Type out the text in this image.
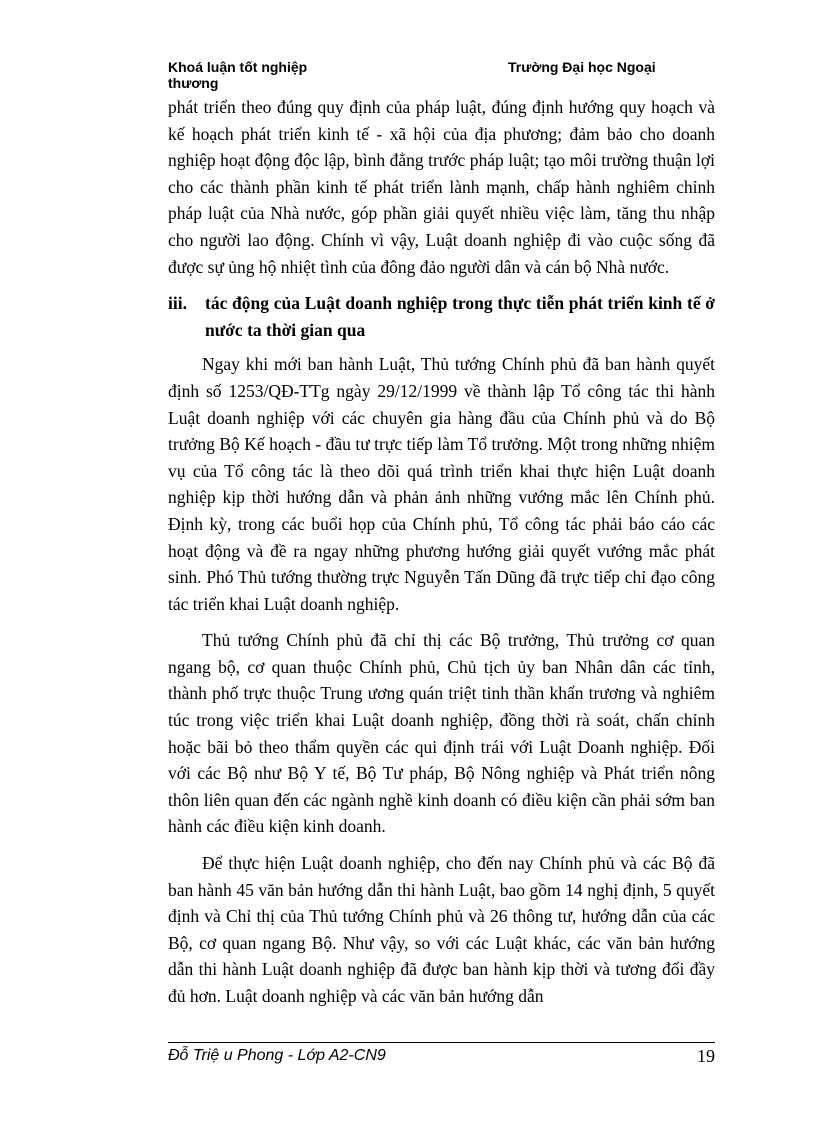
Khoá luận tốt nghiệp
thương
Trường Đại học Ngoại

phát triển theo đúng quy định của pháp luật, đúng định hướng quy hoạch và kế hoạch phát triển kinh tế - xã hội của địa phương; đảm bảo cho doanh nghiệp hoạt động độc lập, bình đẳng trước pháp luật; tạo môi trường thuận lợi cho các thành phần kinh tế phát triển lành mạnh, chấp hành nghiêm chỉnh pháp luật của Nhà nước, góp phần giải quyết nhiều việc làm, tăng thu nhập cho người lao động. Chính vì vậy, Luật doanh nghiệp đi vào cuộc sống đã được sự ủng hộ nhiệt tình của đông đảo người dân và cán bộ Nhà nước.

iii. tác động của Luật doanh nghiệp trong thực tiễn phát triển kinh tế ở nước ta thời gian qua

Ngay khi mới ban hành Luật, Thủ tướng Chính phủ đã ban hành quyết định số 1253/QĐ-TTg ngày 29/12/1999 về thành lập Tổ công tác thi hành Luật doanh nghiệp với các chuyên gia hàng đầu của Chính phủ và do Bộ trưởng Bộ Kế hoạch - đầu tư trực tiếp làm Tổ trưởng. Một trong những nhiệm vụ của Tổ công tác là theo dõi quá trình triển khai thực hiện Luật doanh nghiệp kịp thời hướng dẫn và phản ảnh những vướng mắc lên Chính phủ. Định kỳ, trong các buổi họp của Chính phủ, Tổ công tác phải báo cáo các hoạt động và đề ra ngay những phương hướng giải quyết vướng mắc phát sinh. Phó Thủ tướng thường trực Nguyễn Tấn Dũng đã trực tiếp chỉ đạo công tác triển khai Luật doanh nghiệp.

Thủ tướng Chính phủ đã chỉ thị các Bộ trưởng, Thủ trưởng cơ quan ngang bộ, cơ quan thuộc Chính phủ, Chủ tịch ủy ban Nhân dân các tỉnh, thành phố trực thuộc Trung ương quán triệt tinh thần khẩn trương và nghiêm túc trong việc triển khai Luật doanh nghiệp, đồng thời rà soát, chấn chỉnh hoặc bãi bỏ theo thẩm quyền các qui định trái với Luật Doanh nghiệp. Đối với các Bộ như Bộ Y tế, Bộ Tư pháp, Bộ Nông nghiệp và Phát triển nông thôn liên quan đến các ngành nghề kinh doanh có điều kiện cần phải sớm ban hành các điều kiện kinh doanh.

Để thực hiện Luật doanh nghiệp, cho đến nay Chính phủ và các Bộ đã ban hành 45 văn bản hướng dẫn thi hành Luật, bao gồm 14 nghị định, 5 quyết định và Chỉ thị của Thủ tướng Chính phủ và 26 thông tư, hướng dẫn của các Bộ, cơ quan ngang Bộ. Như vậy, so với các Luật khác, các văn bản hướng dẫn thi hành Luật doanh nghiệp đã được ban hành kịp thời và tương đối đầy đủ hơn. Luật doanh nghiệp và các văn bản hướng dẫn

Đỗ Triệ u Phong - Lớp A2-CN9	19
